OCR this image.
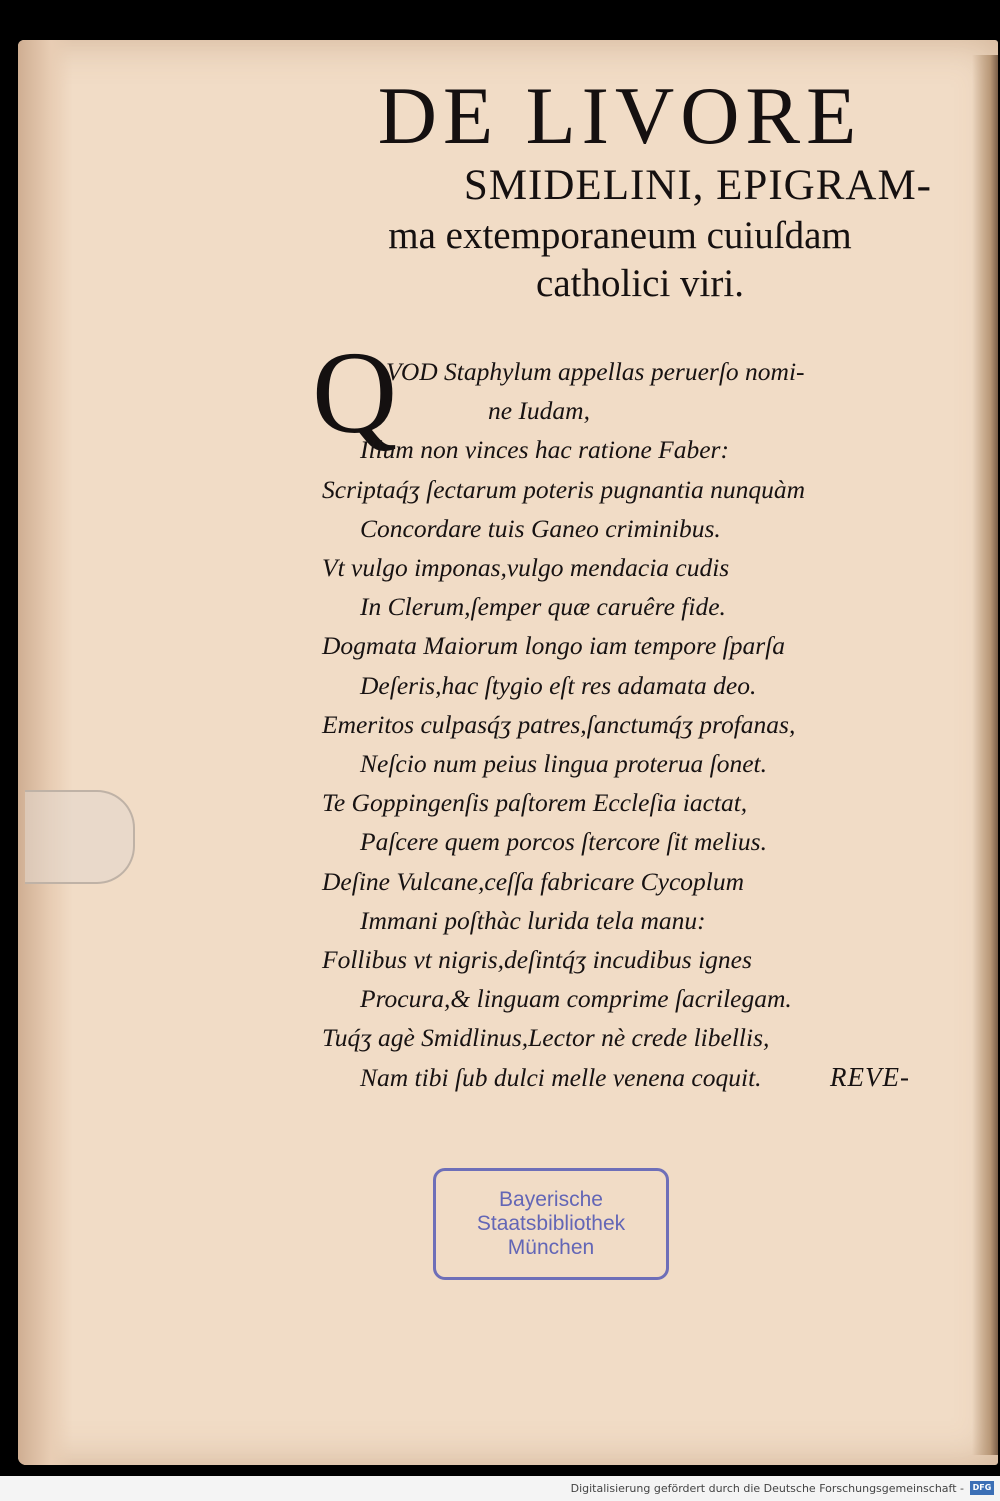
DE LIVORE
SMIDELINI, EPIGRAM-
ma extemporaneum cuiuſdam
catholici viri.
Q
VOD Staphylum appellas peruerſo nomi-
ne Iudam,
Illum non vinces hac ratione Faber:
Scriptaq́ʒ ſectarum poteris pugnantia nunquàm
Concordare tuis Ganeo criminibus.
Vt vulgo imponas,vulgo mendacia cudis
In Clerum,ſemper quæ caruêre fide.
Dogmata Maiorum longo iam tempore ſparſa
Deſeris,hac ſtygio eſt res adamata deo.
Emeritos culpasq́ʒ patres,ſanctumq́ʒ profanas,
Neſcio num peius lingua proterua ſonet.
Te Goppingenſis paſtorem Eccleſia iactat,
Paſcere quem porcos ſtercore ſit melius.
Deſine Vulcane,ceſſa fabricare Cycoplum
Immani poſthàc lurida tela manu:
Follibus vt nigris,deſintq́ʒ incudibus ignes
Procura,& linguam comprime ſacrilegam.
Tuq́ʒ agè Smidlinus,Lector nè crede libellis,
Nam tibi ſub dulci melle venena coquit.	REVE-
Bayerische
Staatsbibliothek
München
Digitalisierung gefördert durch die Deutsche Forschungsgemeinschaft -	DFG
